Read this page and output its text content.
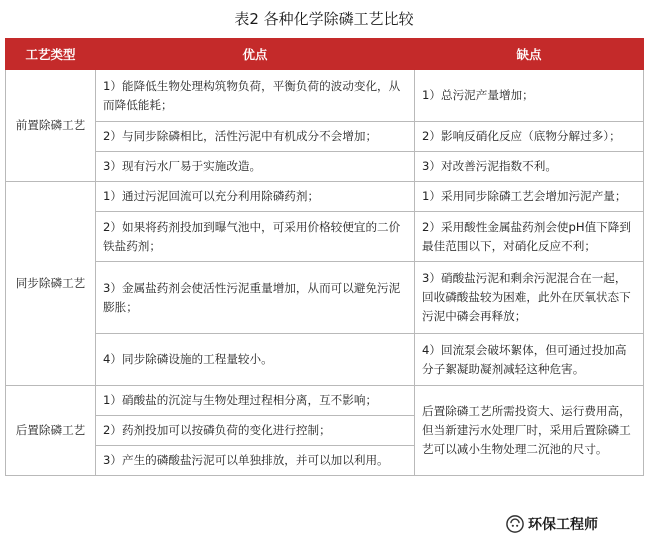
表2 各种化学除磷工艺比较
工艺类型	优点	缺点
前置除磷工艺	1）能降低生物处理构筑物负荷，平衡负荷的波动变化，从而降低能耗；	1）总污泥产量增加；
	2）与同步除磷相比，活性污泥中有机成分不会增加；	2）影响反硝化反应（底物分解过多）；
	3）现有污水厂易于实施改造。	3）对改善污泥指数不利。
同步除磷工艺	1）通过污泥回流可以充分利用除磷药剂；	1）采用同步除磷工艺会增加污泥产量；
	2）如果将药剂投加到曝气池中，可采用价格较便宜的二价铁盐药剂；	2）采用酸性金属盐药剂会使pH值下降到最佳范围以下，对硝化反应不利；
	3）金属盐药剂会使活性污泥重量增加，从而可以避免污泥膨胀；	3）硝酸盐污泥和剩余污泥混合在一起，回收磷酸盐较为困难，此外在厌氧状态下污泥中磷会再释放；
	4）同步除磷设施的工程量较小。	4）回流泵会破坏絮体，但可通过投加高分子絮凝助凝剂减轻这种危害。
后置除磷工艺	1）硝酸盐的沉淀与生物处理过程相分离，互不影响；	后置除磷工艺所需投资大、运行费用高，但当新建污水处理厂时，采用后置除磷工艺可以减小生物处理二沉池的尺寸。
	2）药剂投加可以按磷负荷的变化进行控制；	
	3）产生的磷酸盐污泥可以单独排放，并可以加以利用。	
环保工程师
